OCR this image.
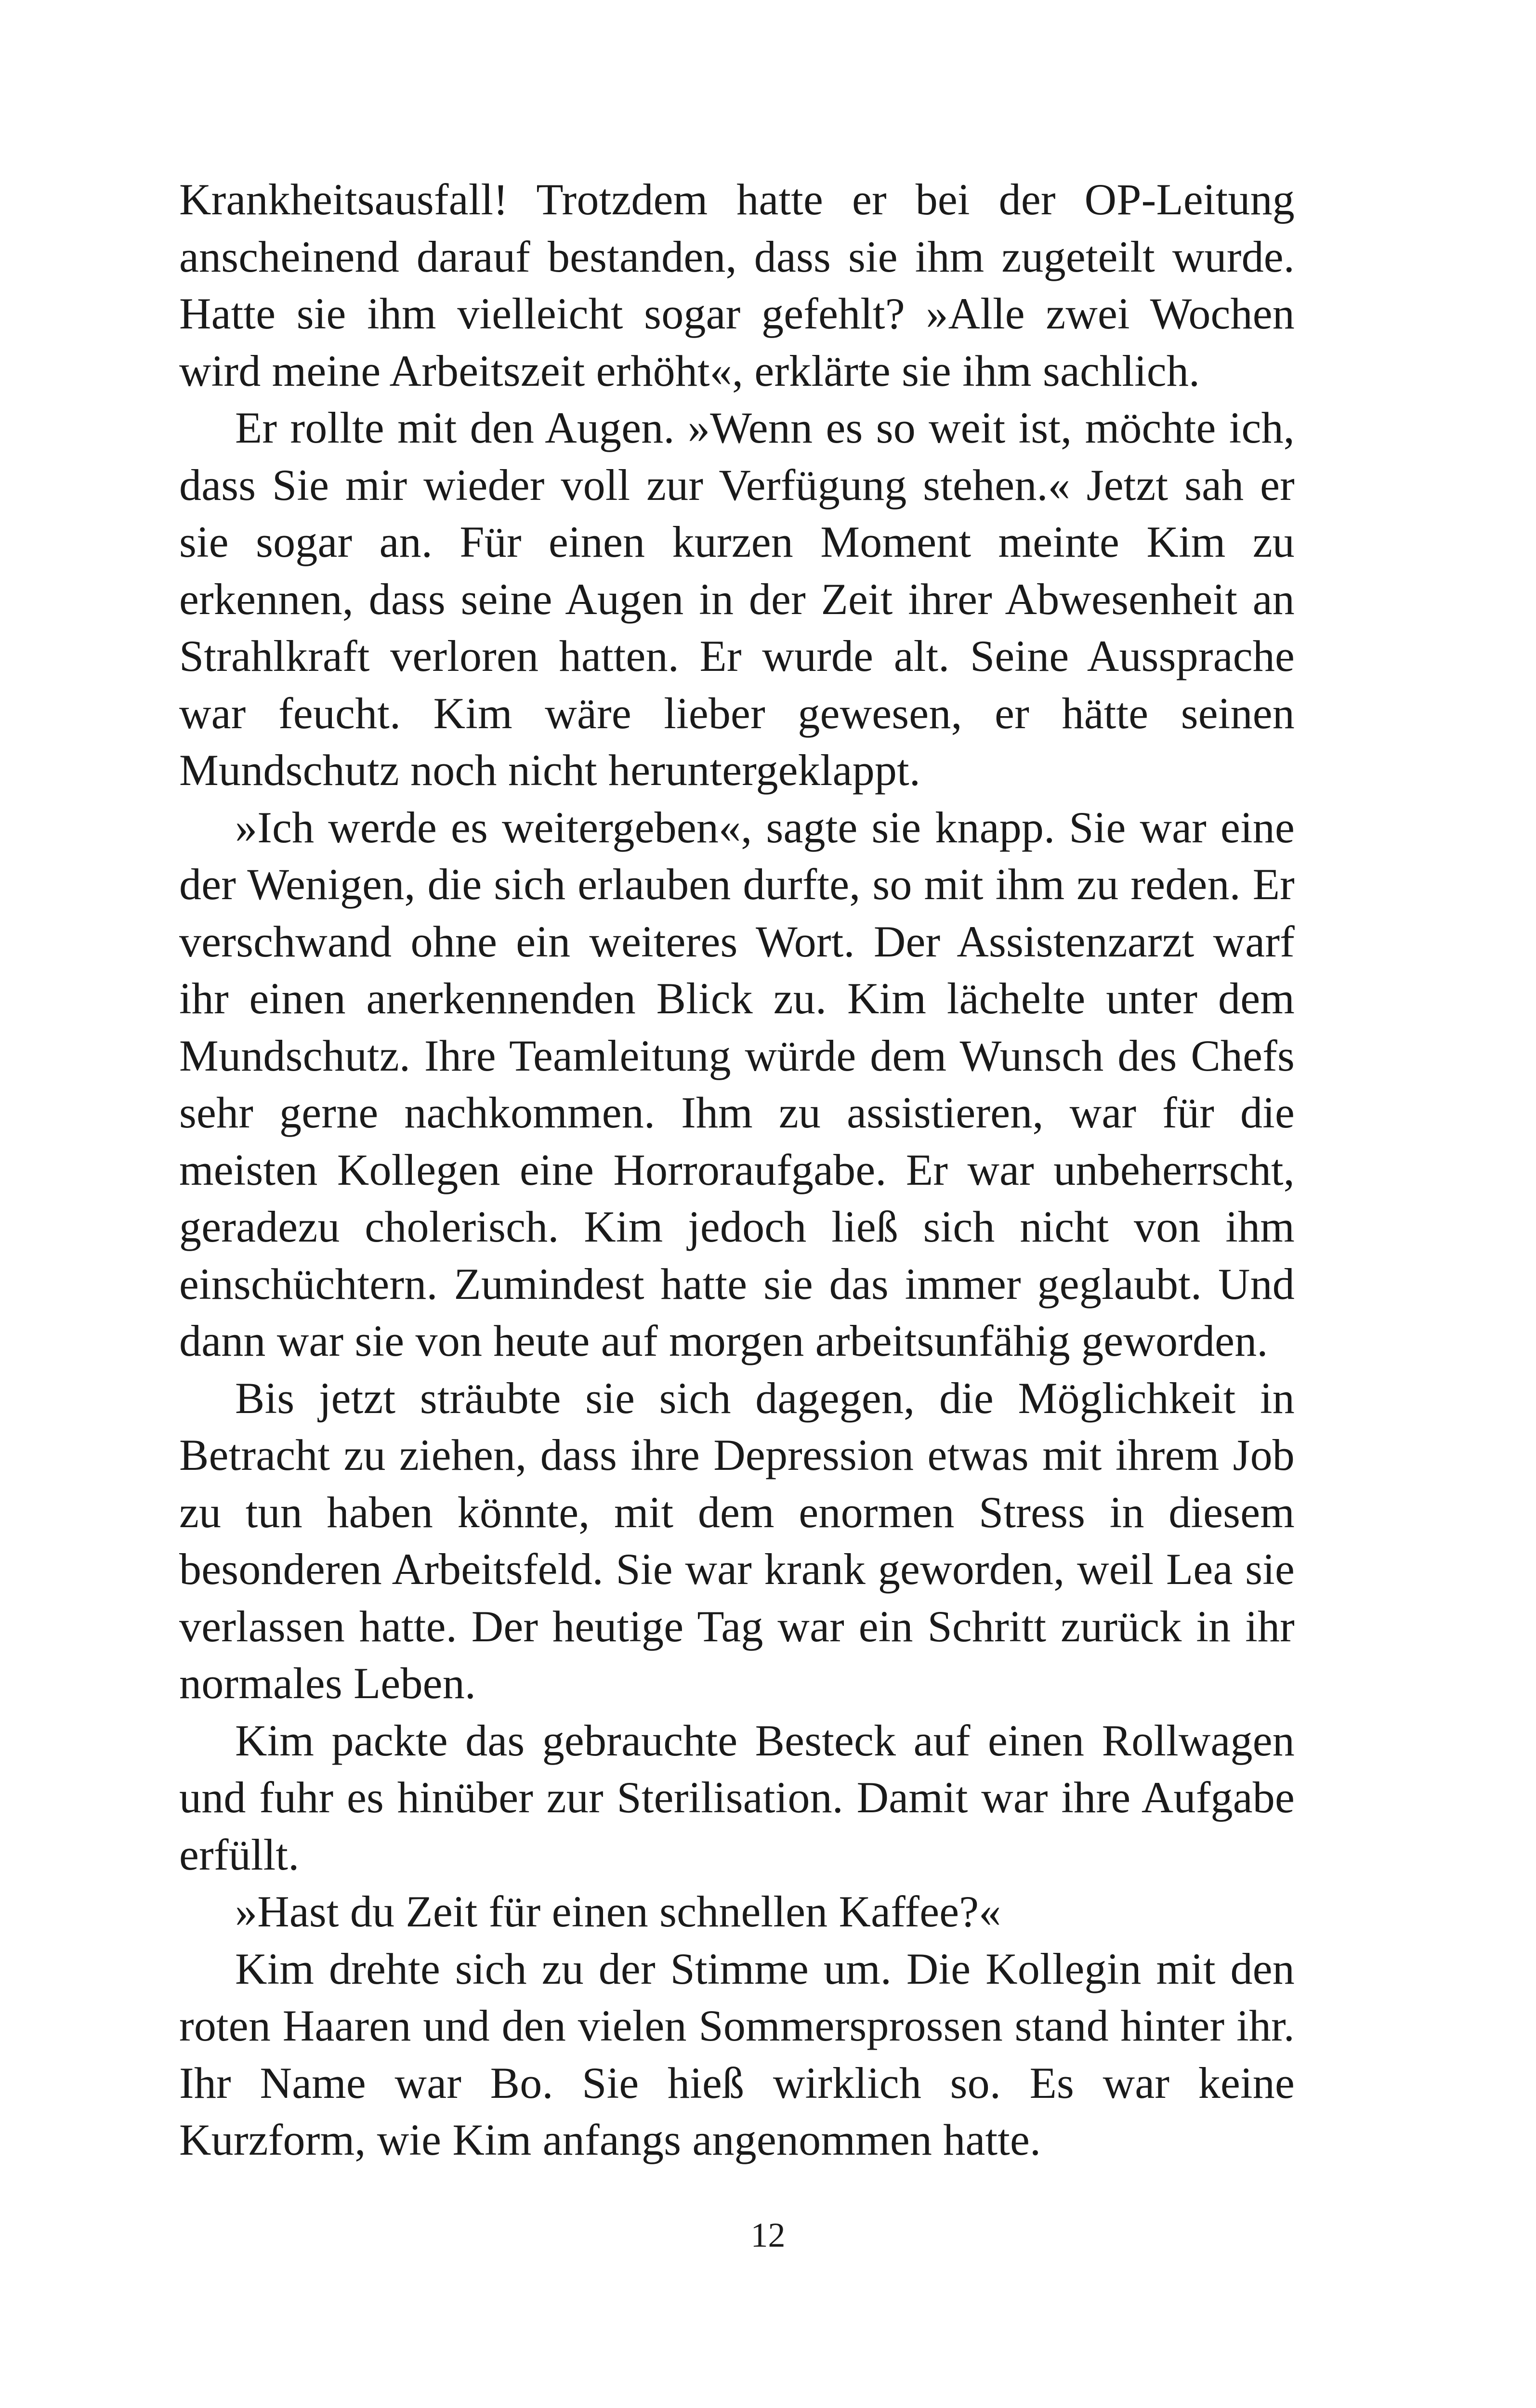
Krankheitsausfall! Trotzdem hatte er bei der OP-Leitung anscheinend darauf bestanden, dass sie ihm zugeteilt wurde. Hatte sie ihm vielleicht sogar gefehlt? »Alle zwei Wochen wird meine Arbeitszeit erhöht«, erklärte sie ihm sachlich.

Er rollte mit den Augen. »Wenn es so weit ist, möchte ich, dass Sie mir wieder voll zur Verfügung stehen.« Jetzt sah er sie sogar an. Für einen kurzen Moment meinte Kim zu erkennen, dass seine Augen in der Zeit ihrer Abwesenheit an Strahlkraft verloren hatten. Er wurde alt. Seine Aussprache war feucht. Kim wäre lieber gewesen, er hätte seinen Mundschutz noch nicht heruntergeklappt.

»Ich werde es weitergeben«, sagte sie knapp. Sie war eine der Wenigen, die sich erlauben durfte, so mit ihm zu reden. Er verschwand ohne ein weiteres Wort. Der Assistenzarzt warf ihr einen anerkennenden Blick zu. Kim lächelte unter dem Mundschutz. Ihre Teamleitung würde dem Wunsch des Chefs sehr gerne nachkommen. Ihm zu assistieren, war für die meisten Kollegen eine Horroraufgabe. Er war unbeherrscht, geradezu cholerisch. Kim jedoch ließ sich nicht von ihm einschüchtern. Zumindest hatte sie das immer geglaubt. Und dann war sie von heute auf morgen arbeitsunfähig geworden.

Bis jetzt sträubte sie sich dagegen, die Möglichkeit in Betracht zu ziehen, dass ihre Depression etwas mit ihrem Job zu tun haben könnte, mit dem enormen Stress in diesem besonderen Arbeitsfeld. Sie war krank geworden, weil Lea sie verlassen hatte. Der heutige Tag war ein Schritt zurück in ihr normales Leben.

Kim packte das gebrauchte Besteck auf einen Rollwagen und fuhr es hinüber zur Sterilisation. Damit war ihre Aufgabe erfüllt.

»Hast du Zeit für einen schnellen Kaffee?«

Kim drehte sich zu der Stimme um. Die Kollegin mit den roten Haaren und den vielen Sommersprossen stand hinter ihr. Ihr Name war Bo. Sie hieß wirklich so. Es war keine Kurzform, wie Kim anfangs angenommen hatte.

12
